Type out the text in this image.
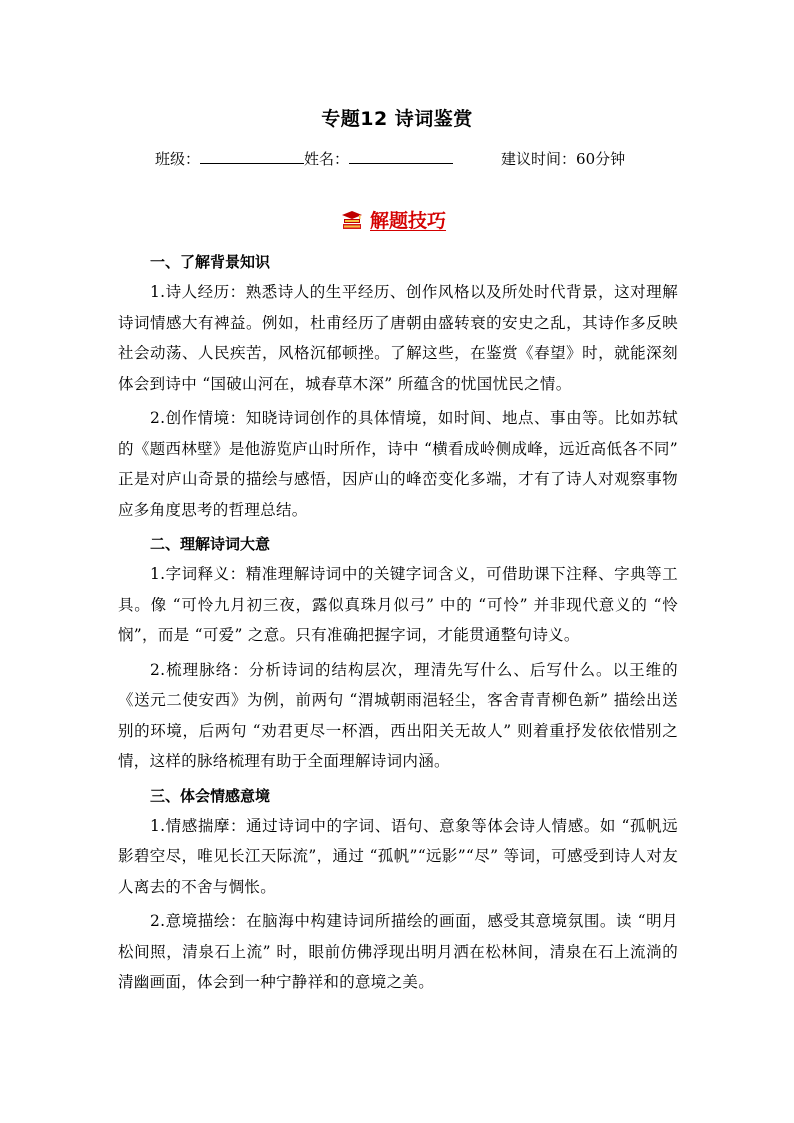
专题12 诗词鉴赏
班级：	姓名：	建议时间：60分钟
解题技巧
一、了解背景知识

1.诗人经历：熟悉诗人的生平经历、创作风格以及所处时代背景，这对理解诗词情感大有裨益。例如，杜甫经历了唐朝由盛转衰的安史之乱，其诗作多反映社会动荡、人民疾苦，风格沉郁顿挫。了解这些，在鉴赏《春望》时，就能深刻体会到诗中 “国破山河在，城春草木深” 所蕴含的忧国忧民之情。

2.创作情境：知晓诗词创作的具体情境，如时间、地点、事由等。比如苏轼的《题西林壁》是他游览庐山时所作，诗中 “横看成岭侧成峰，远近高低各不同” 正是对庐山奇景的描绘与感悟，因庐山的峰峦变化多端，才有了诗人对观察事物应多角度思考的哲理总结。

二、理解诗词大意

1.字词释义：精准理解诗词中的关键字词含义，可借助课下注释、字典等工具。像 “可怜九月初三夜，露似真珠月似弓” 中的 “可怜” 并非现代意义的 “怜悯”，而是 “可爱” 之意。只有准确把握字词，才能贯通整句诗义。

2.梳理脉络：分析诗词的结构层次，理清先写什么、后写什么。以王维的《送元二使安西》为例，前两句 “渭城朝雨浥轻尘，客舍青青柳色新” 描绘出送别的环境，后两句 “劝君更尽一杯酒，西出阳关无故人” 则着重抒发依依惜别之情，这样的脉络梳理有助于全面理解诗词内涵。

三、体会情感意境

1.情感揣摩：通过诗词中的字词、语句、意象等体会诗人情感。如 “孤帆远影碧空尽，唯见长江天际流”，通过 “孤帆”“远影”“尽” 等词，可感受到诗人对友人离去的不舍与惆怅。

2.意境描绘：在脑海中构建诗词所描绘的画面，感受其意境氛围。读 “明月松间照，清泉石上流” 时，眼前仿佛浮现出明月洒在松林间，清泉在石上流淌的清幽画面，体会到一种宁静祥和的意境之美。
